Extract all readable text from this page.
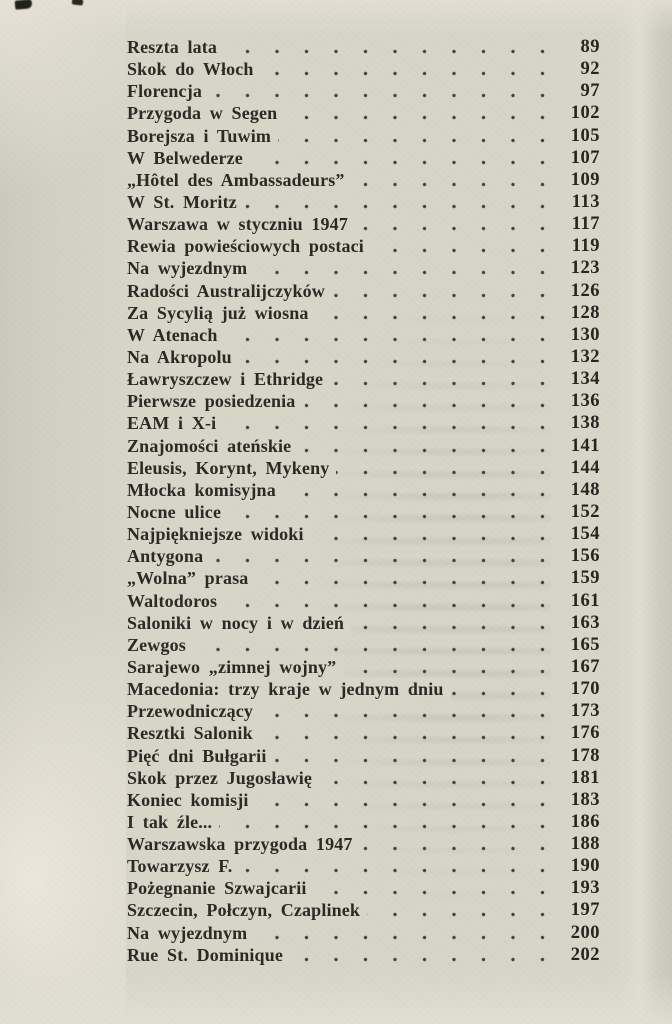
Reszta lata	89
Skok do Włoch	92
Florencja	97
Przygoda w Segen	102
Borejsza i Tuwim	105
W Belwederze	107
„Hôtel des Ambassadeurs”	109
W St. Moritz	113
Warszawa w styczniu 1947	117
Rewia powieściowych postaci	119
Na wyjezdnym	123
Radości Australijczyków	126
Za Sycylią już wiosna	128
W Atenach	130
Na Akropolu	132
Ławryszczew i Ethridge	134
Pierwsze posiedzenia	136
EAM i X-i	138
Znajomości ateńskie	141
Eleusis, Korynt, Mykeny	144
Młocka komisyjna	148
Nocne ulice	152
Najpiękniejsze widoki	154
Antygona	156
„Wolna” prasa	159
Waltodoros	161
Saloniki w nocy i w dzień	163
Zewgos	165
Sarajewo „zimnej wojny”	167
Macedonia: trzy kraje w jednym dniu	170
Przewodniczący	173
Resztki Salonik	176
Pięć dni Bułgarii	178
Skok przez Jugosławię	181
Koniec komisji	183
I tak źle...	186
Warszawska przygoda 1947	188
Towarzysz F.	190
Pożegnanie Szwajcarii	193
Szczecin, Połczyn, Czaplinek	197
Na wyjezdnym	200
Rue St. Dominique	202
